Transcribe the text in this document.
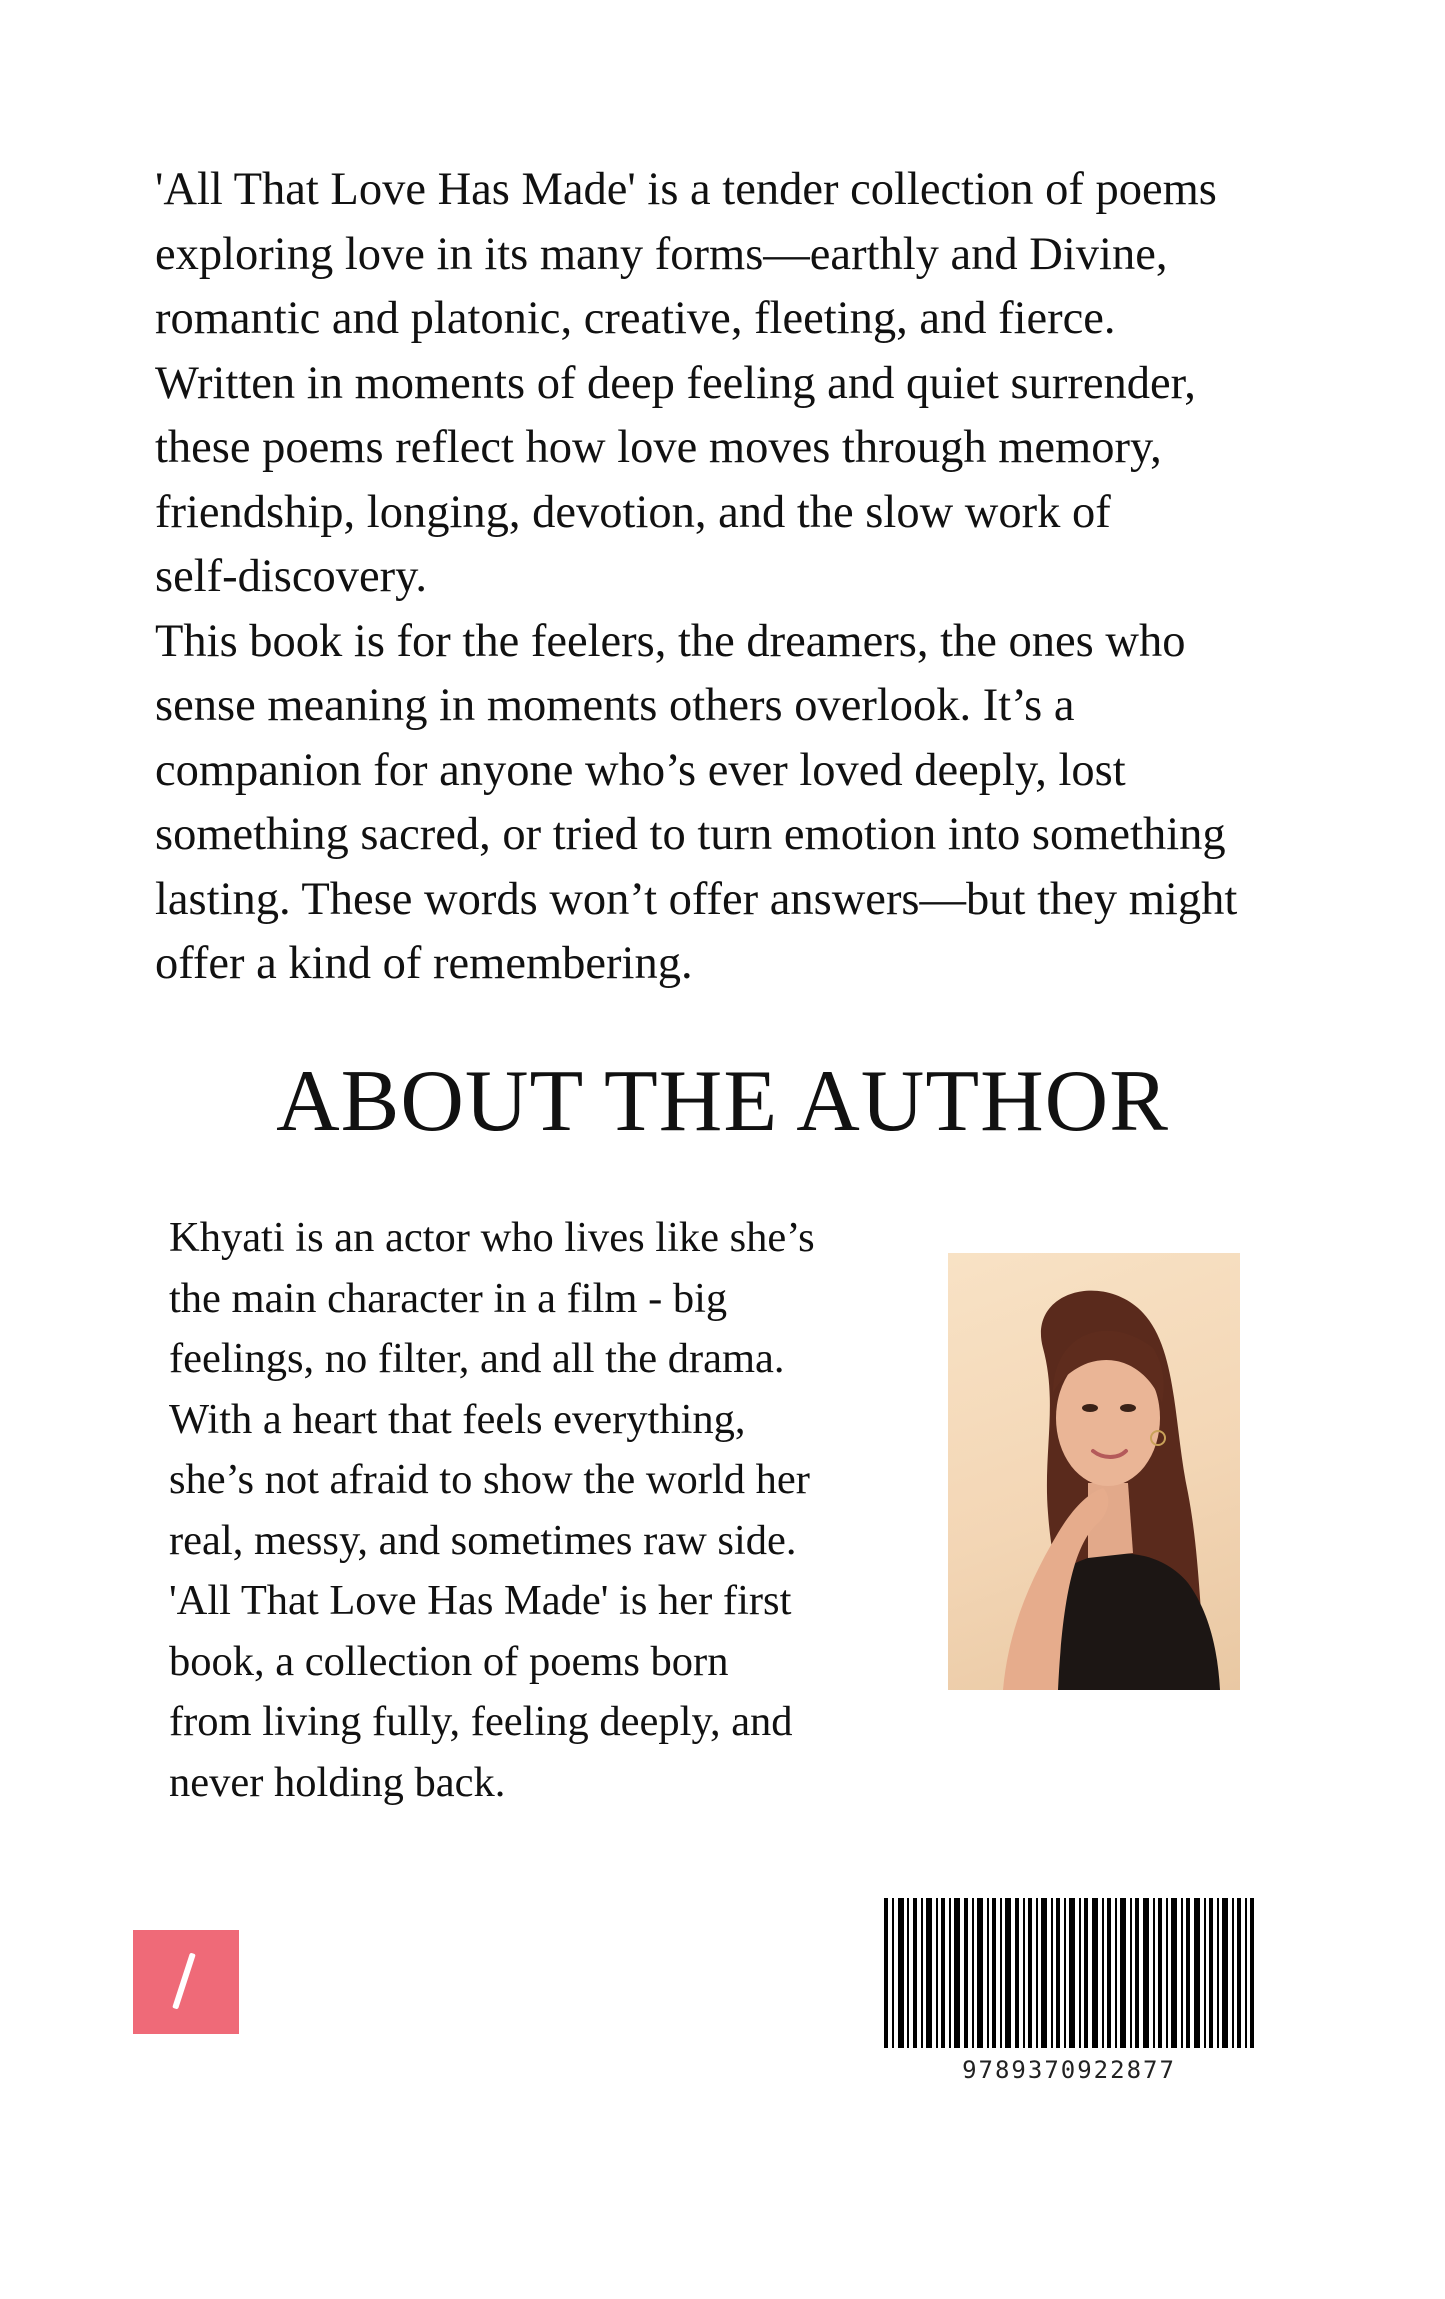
'All That Love Has Made' is a tender collection of poems
exploring love in its many forms—earthly and Divine,
romantic and platonic, creative, fleeting, and fierce.
Written in moments of deep feeling and quiet surrender,
these poems reflect how love moves through memory,
friendship, longing, devotion, and the slow work of
self-discovery.
This book is for the feelers, the dreamers, the ones who
sense meaning in moments others overlook. It’s a
companion for anyone who’s ever loved deeply, lost
something sacred, or tried to turn emotion into something
lasting. These words won’t offer answers—but they might
offer a kind of remembering.
ABOUT THE AUTHOR
Khyati is an actor who lives like she’s
the main character in a film - big
feelings, no filter, and all the drama.
With a heart that feels everything,
she’s not afraid to show the world her
real, messy, and sometimes raw side.
'All That Love Has Made' is her first
book, a collection of poems born
from living fully, feeling deeply, and
never holding back.
9789370922877
